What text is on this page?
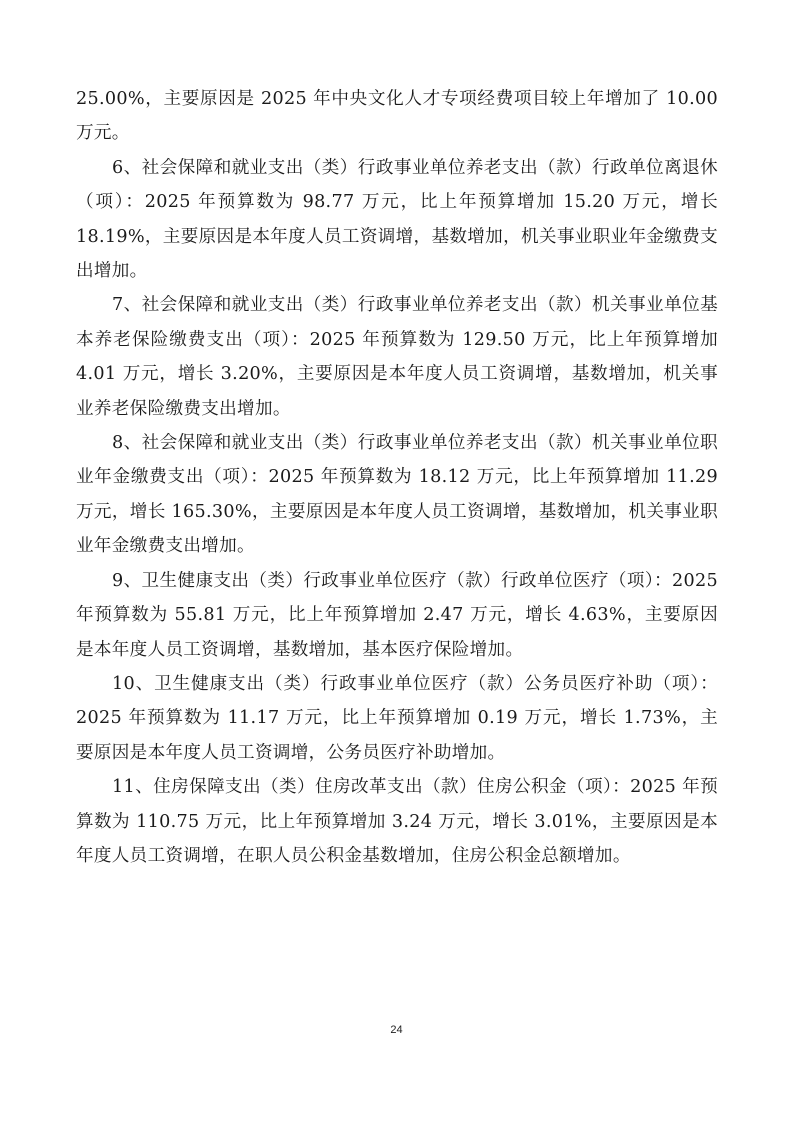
25.00%，主要原因是 2025 年中央文化人才专项经费项目较上年增加了 10.00 万元。

6、社会保障和就业支出（类）行政事业单位养老支出（款）行政单位离退休（项）：2025 年预算数为 98.77 万元，比上年预算增加 15.20 万元，增长 18.19%，主要原因是本年度人员工资调增，基数增加，机关事业职业年金缴费支出增加。

7、社会保障和就业支出（类）行政事业单位养老支出（款）机关事业单位基本养老保险缴费支出（项）：2025 年预算数为 129.50 万元，比上年预算增加 4.01 万元，增长 3.20%，主要原因是本年度人员工资调增，基数增加，机关事业养老保险缴费支出增加。

8、社会保障和就业支出（类）行政事业单位养老支出（款）机关事业单位职业年金缴费支出（项）：2025 年预算数为 18.12 万元，比上年预算增加 11.29 万元，增长 165.30%，主要原因是本年度人员工资调增，基数增加，机关事业职业年金缴费支出增加。

9、卫生健康支出（类）行政事业单位医疗（款）行政单位医疗（项）：2025 年预算数为 55.81 万元，比上年预算增加 2.47 万元，增长 4.63%，主要原因是本年度人员工资调增，基数增加，基本医疗保险增加。

10、卫生健康支出（类）行政事业单位医疗（款）公务员医疗补助（项）：2025 年预算数为 11.17 万元，比上年预算增加 0.19 万元，增长 1.73%，主要原因是本年度人员工资调增，公务员医疗补助增加。

11、住房保障支出（类）住房改革支出（款）住房公积金（项）：2025 年预算数为 110.75 万元，比上年预算增加 3.24 万元，增长 3.01%，主要原因是本年度人员工资调增，在职人员公积金基数增加，住房公积金总额增加。

24
